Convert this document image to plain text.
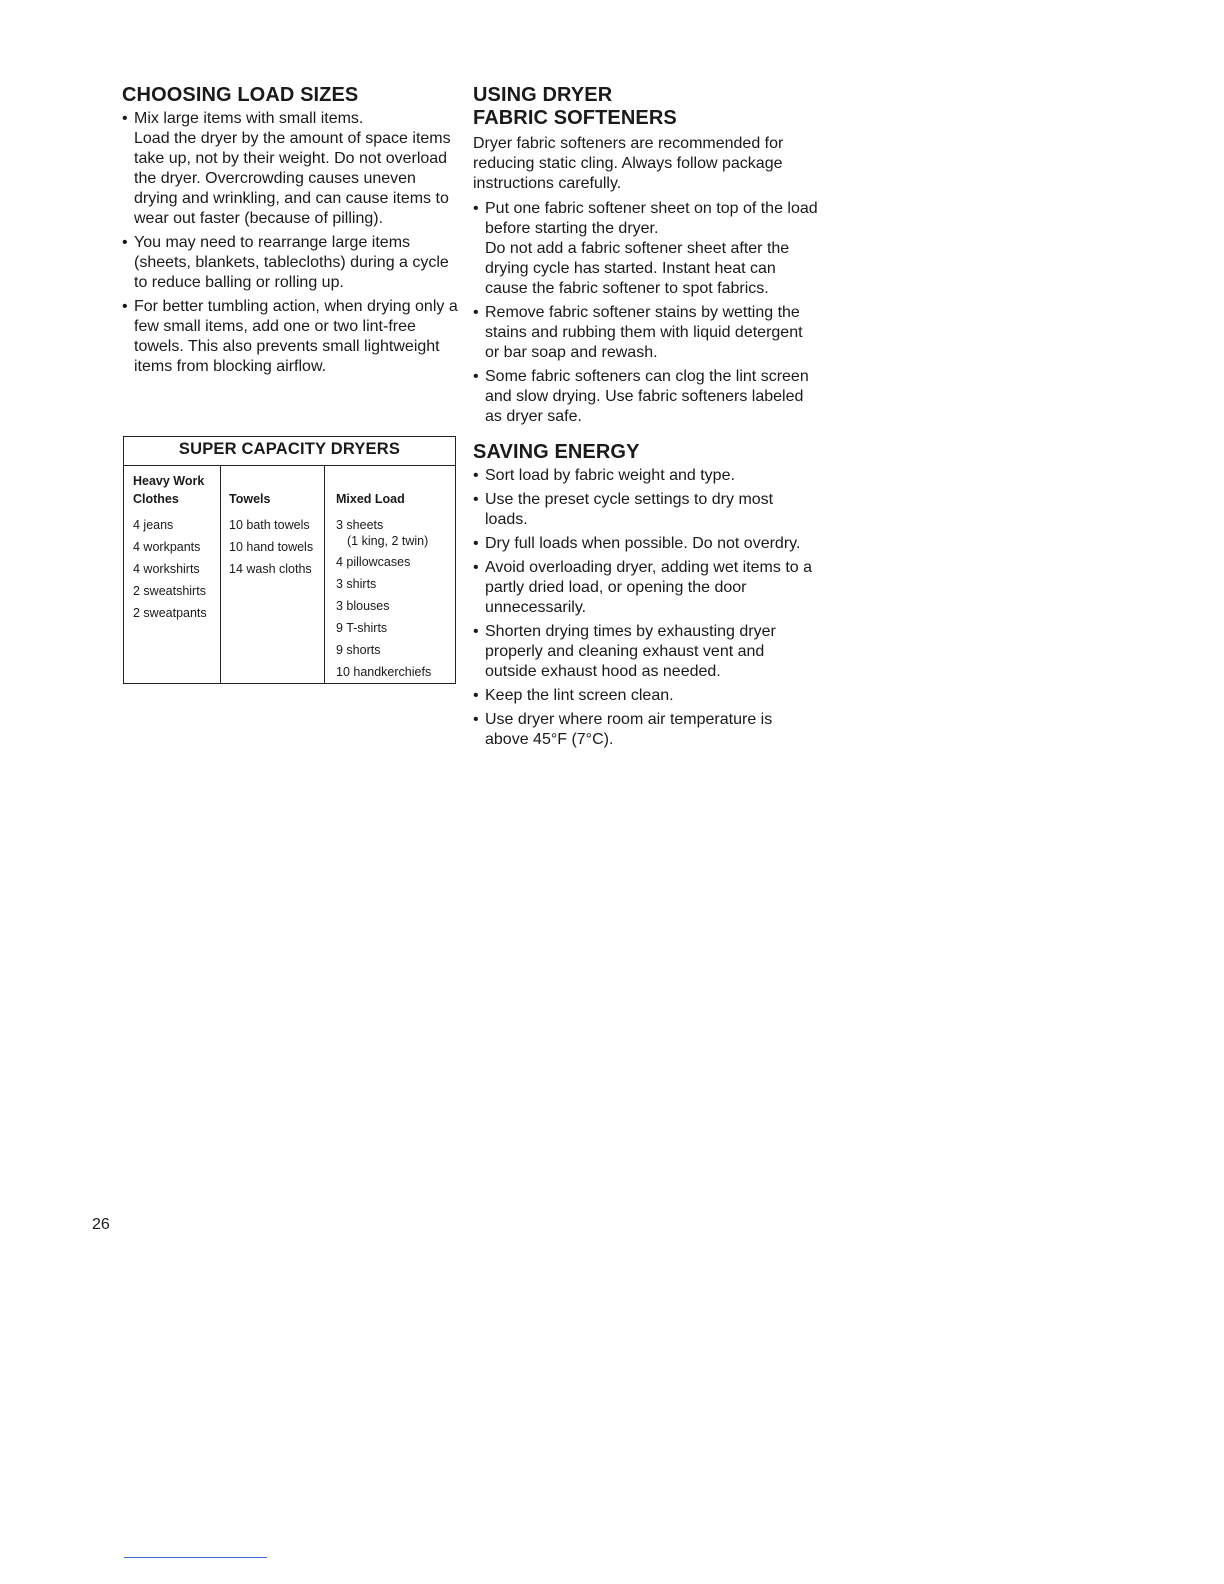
CHOOSING LOAD SIZES
• Mix large items with small items.
Load the dryer by the amount of space items take up, not by their weight. Do not overload the dryer. Overcrowding causes uneven drying and wrinkling, and can cause items to wear out faster (because of pilling).
• You may need to rearrange large items (sheets, blankets, tablecloths) during a cycle to reduce balling or rolling up.
• For better tumbling action, when drying only a few small items, add one or two lint-free towels. This also prevents small lightweight items from blocking airflow.
SUPER CAPACITY DRYERS
Heavy Work Clothes
4 jeans
4 workpants
4 workshirts
2 sweatshirts
2 sweatpants
Towels
10 bath towels
10 hand towels
14 wash cloths
Mixed Load
3 sheets
(1 king, 2 twin)
4 pillowcases
3 shirts
3 blouses
9 T-shirts
9 shorts
10 handkerchiefs
USING DRYER
FABRIC SOFTENERS

Dryer fabric softeners are recommended for reducing static cling. Always follow package instructions carefully.

• Put one fabric softener sheet on top of the load before starting the dryer.
Do not add a fabric softener sheet after the drying cycle has started. Instant heat can cause the fabric softener to spot fabrics.
• Remove fabric softener stains by wetting the stains and rubbing them with liquid detergent or bar soap and rewash.
• Some fabric softeners can clog the lint screen and slow drying. Use fabric softeners labeled as dryer safe.
SAVING ENERGY
• Sort load by fabric weight and type.
• Use the preset cycle settings to dry most loads.
• Dry full loads when possible. Do not overdry.
• Avoid overloading dryer, adding wet items to a partly dried load, or opening the door unnecessarily.
• Shorten drying times by exhausting dryer properly and cleaning exhaust vent and outside exhaust hood as needed.
• Keep the lint screen clean.
• Use dryer where room air temperature is above 45°F (7°C).
26
